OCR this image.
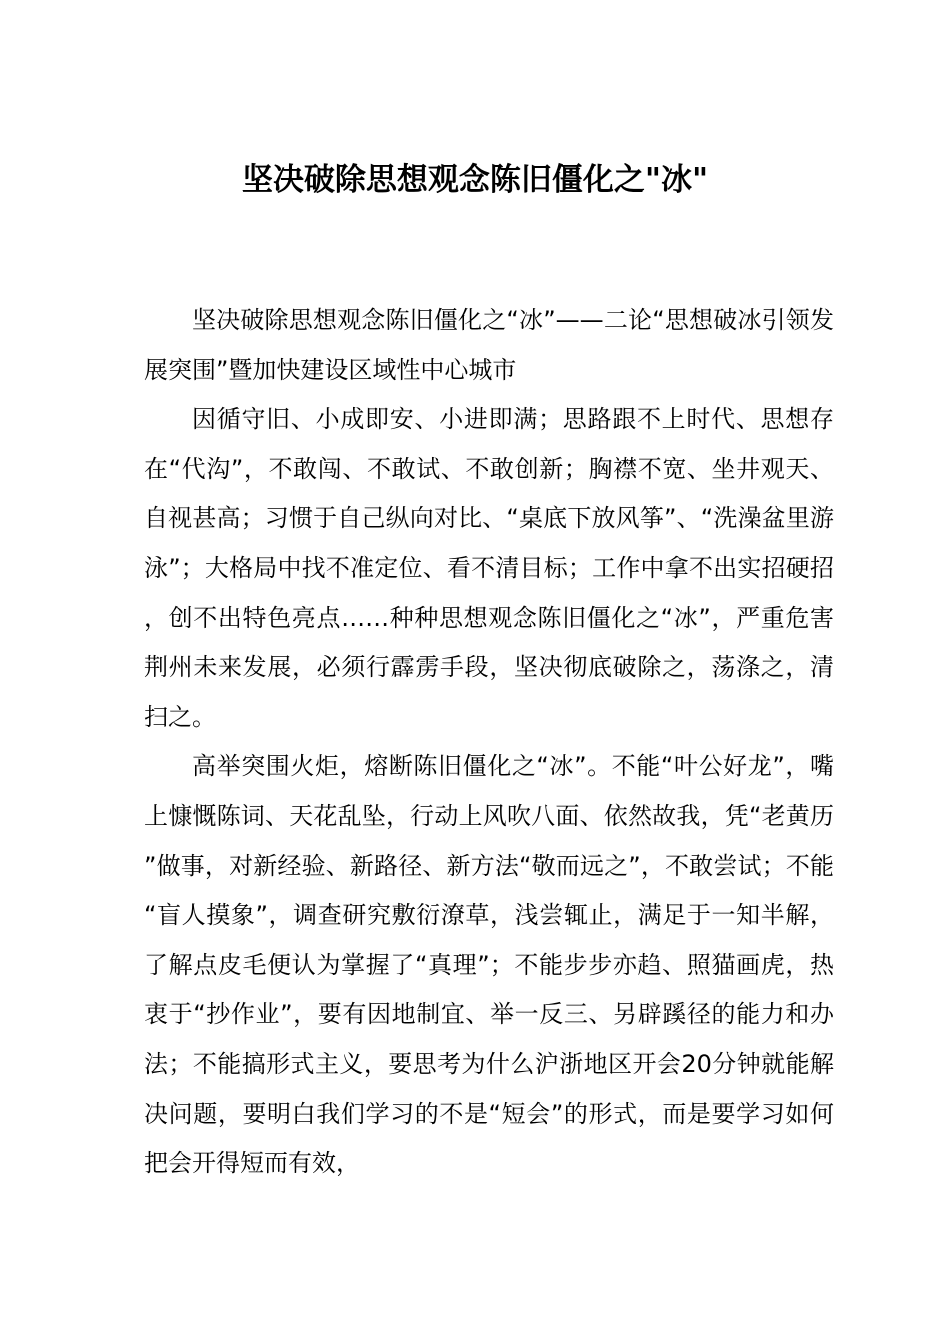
坚决破除思想观念陈旧僵化之"冰"

坚决破除思想观念陈旧僵化之“冰”——二论“思想破冰引领发展突围”暨加快建设区域性中心城市

因循守旧、小成即安、小进即满；思路跟不上时代、思想存在“代沟”，不敢闯、不敢试、不敢创新；胸襟不宽、坐井观天、自视甚高；习惯于自己纵向对比、“桌底下放风筝”、“洗澡盆里游泳”；大格局中找不准定位、看不清目标；工作中拿不出实招硬招，创不出特色亮点……种种思想观念陈旧僵化之“冰”，严重危害荆州未来发展，必须行霹雳手段，坚决彻底破除之，荡涤之，清扫之。

高举突围火炬，熔断陈旧僵化之“冰”。不能“叶公好龙”，嘴上慷慨陈词、天花乱坠，行动上风吹八面、依然故我，凭“老黄历”做事，对新经验、新路径、新方法“敬而远之”，不敢尝试；不能“盲人摸象”，调查研究敷衍潦草，浅尝辄止，满足于一知半解，了解点皮毛便认为掌握了“真理”；不能步步亦趋、照猫画虎，热衷于“抄作业”，要有因地制宜、举一反三、另辟蹊径的能力和办法；不能搞形式主义，要思考为什么沪浙地区开会20分钟就能解决问题，要明白我们学习的不是“短会”的形式，而是要学习如何把会开得短而有效，
